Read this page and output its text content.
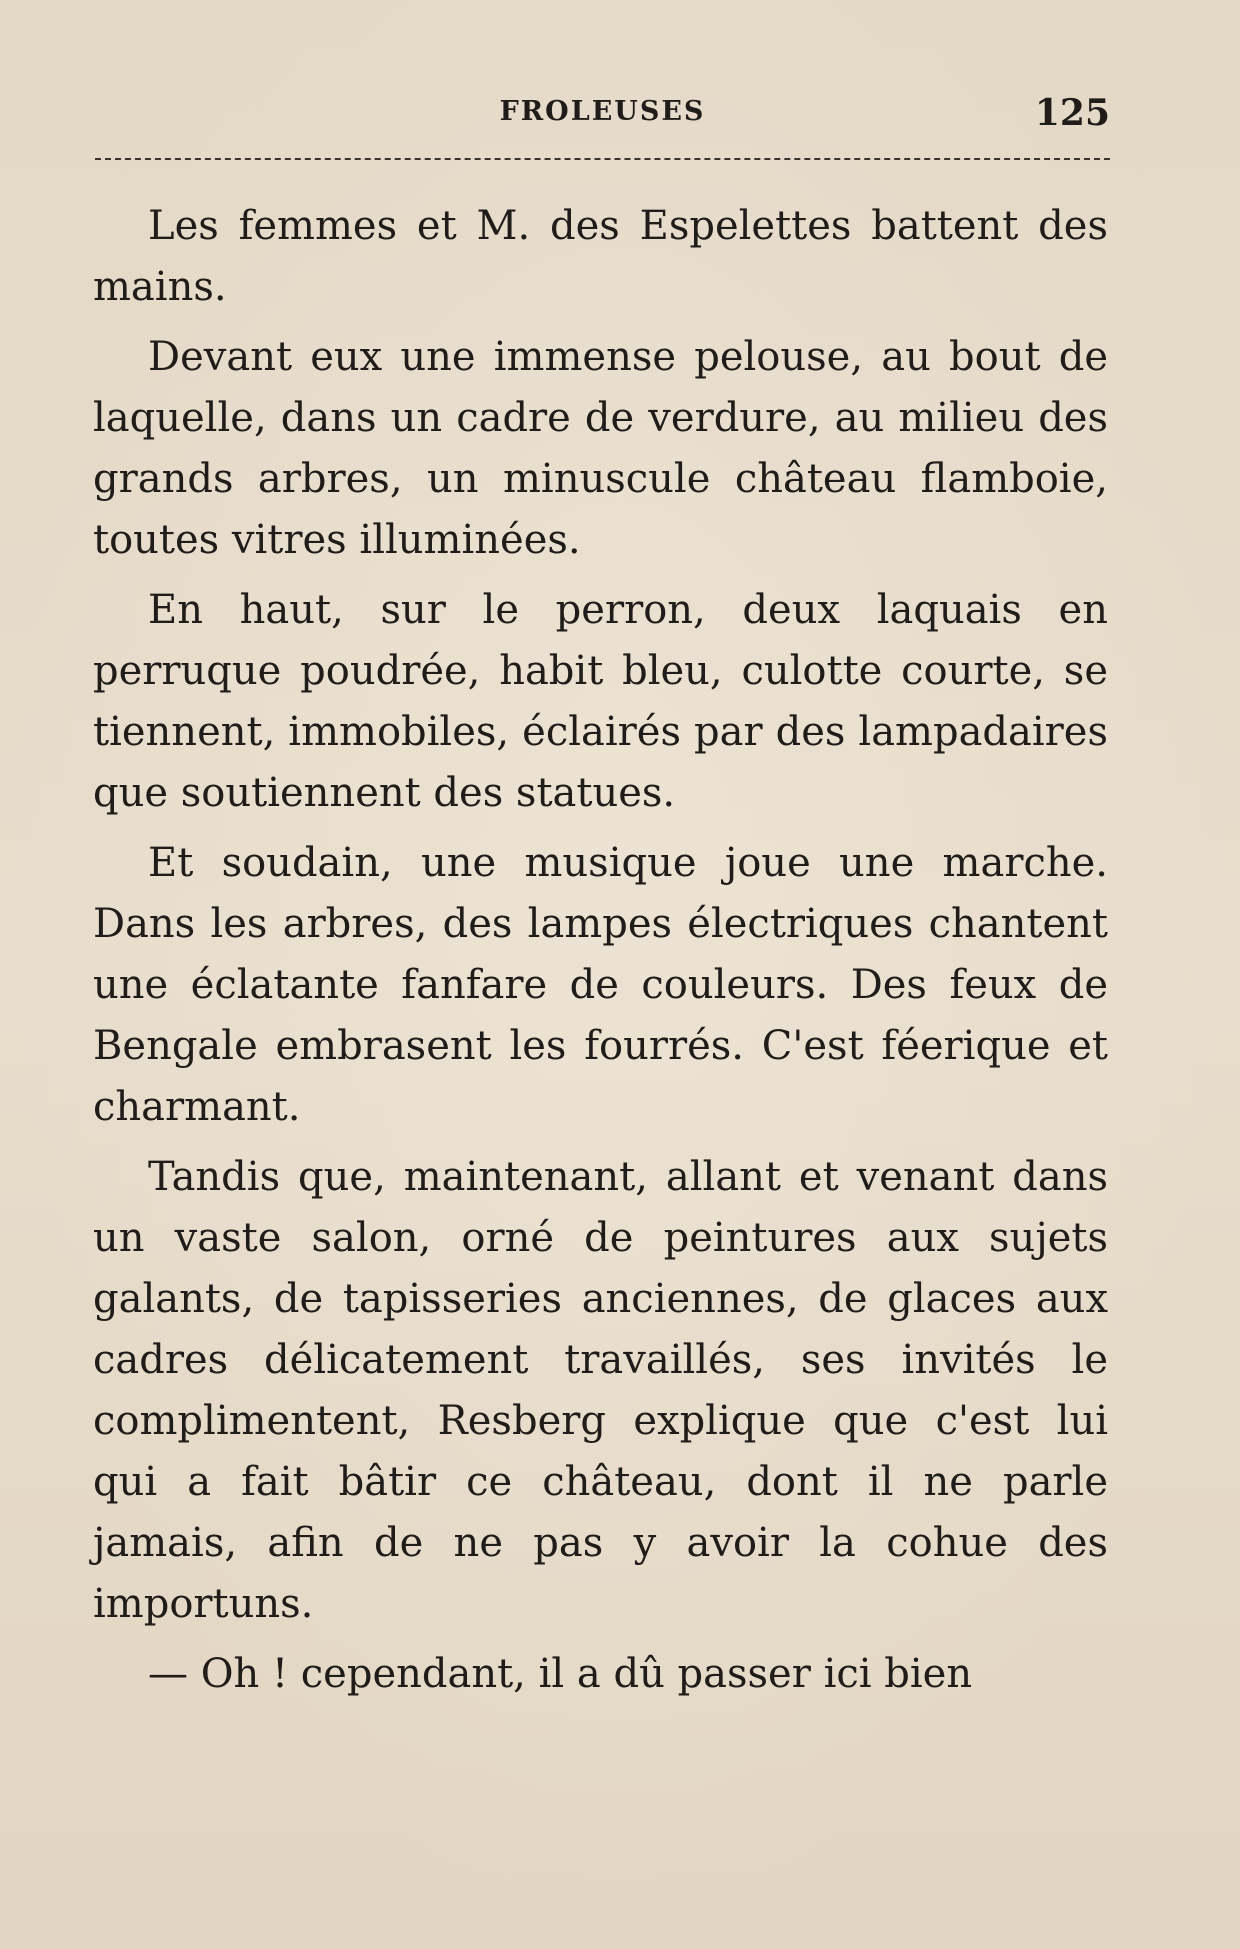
FROLEUSES	125

Les femmes et M. des Espelettes battent des mains.

Devant eux une immense pelouse, au bout de laquelle, dans un cadre de verdure, au milieu des grands arbres, un minuscule château flamboie, toutes vitres illuminées.

En haut, sur le perron, deux laquais en perruque poudrée, habit bleu, culotte courte, se tiennent, immobiles, éclairés par des lampadaires que soutiennent des statues.

Et soudain, une musique joue une marche. Dans les arbres, des lampes électriques chantent une éclatante fanfare de couleurs. Des feux de Bengale embrasent les fourrés. C'est féerique et charmant.

Tandis que, maintenant, allant et venant dans un vaste salon, orné de peintures aux sujets galants, de tapisseries anciennes, de glaces aux cadres délicatement travaillés, ses invités le complimentent, Resberg explique que c'est lui qui a fait bâtir ce château, dont il ne parle jamais, afin de ne pas y avoir la cohue des importuns.

— Oh ! cependant, il a dû passer ici bien
